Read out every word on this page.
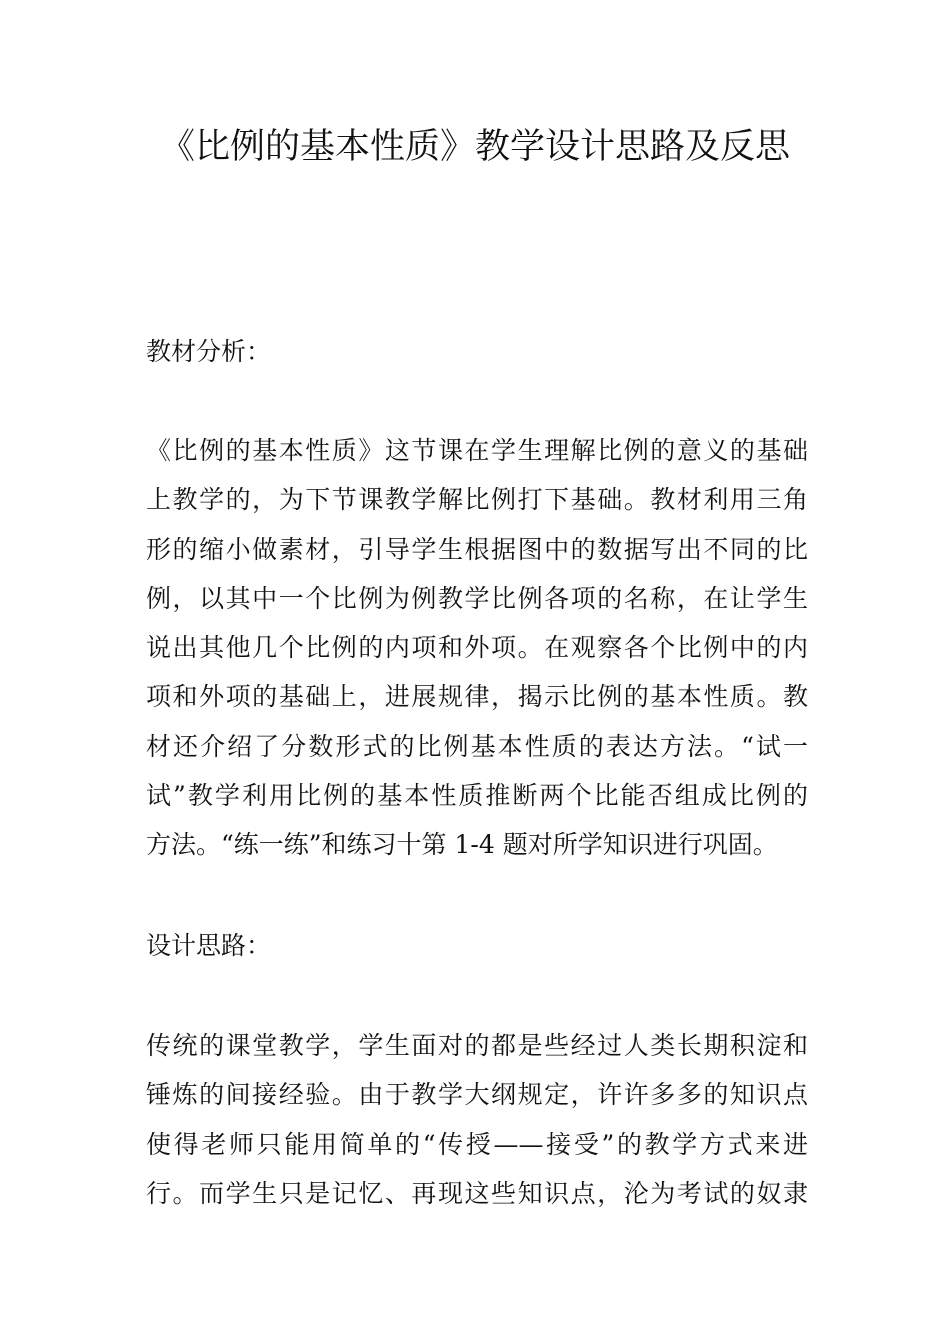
《比例的基本性质》教学设计思路及反思
教材分析：
《比例的基本性质》这节课在学生理解比例的意义的基础
上教学的，为下节课教学解比例打下基础。教材利用三角
形的缩小做素材，引导学生根据图中的数据写出不同的比
例，以其中一个比例为例教学比例各项的名称，在让学生
说出其他几个比例的内项和外项。在观察各个比例中的内
项和外项的基础上，进展规律，揭示比例的基本性质。教
材还介绍了分数形式的比例基本性质的表达方法。“试一
试”教学利用比例的基本性质推断两个比能否组成比例的
方法。“练一练”和练习十第 1-4 题对所学知识进行巩固。
设计思路：
传统的课堂教学，学生面对的都是些经过人类长期积淀和
锤炼的间接经验。由于教学大纲规定，许许多多的知识点
使得老师只能用简单的“传授——接受”的教学方式来进
行。而学生只是记忆、再现这些知识点，沦为考试的奴隶
